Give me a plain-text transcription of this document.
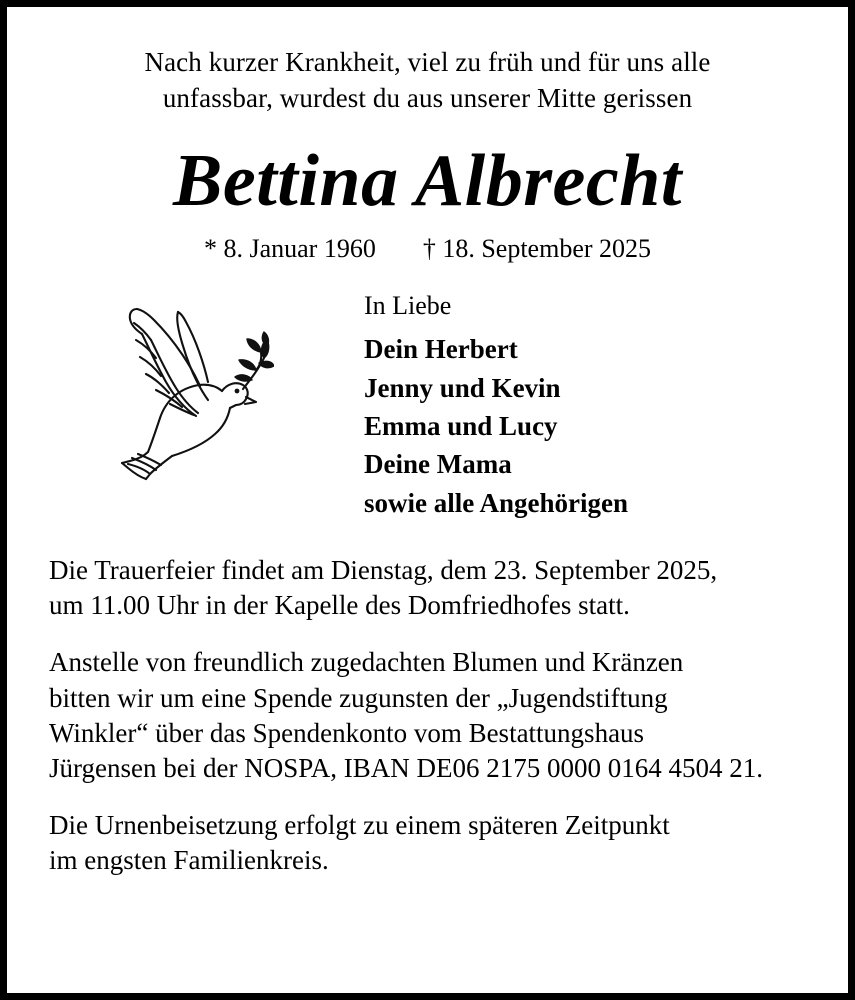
Nach kurzer Krankheit, viel zu früh und für uns alle
unfassbar, wurdest du aus unserer Mitte gerissen
Bettina Albrecht
* 8. Januar 1960 † 18. September 2025
In Liebe
Dein Herbert
Jenny und Kevin
Emma und Lucy
Deine Mama
sowie alle Angehörigen

Die Trauerfeier findet am Dienstag, dem 23. September 2025,
um 11.00 Uhr in der Kapelle des Domfriedhofes statt.

Anstelle von freundlich zugedachten Blumen und Kränzen
bitten wir um eine Spende zugunsten der „Jugendstiftung
Winkler“ über das Spendenkonto vom Bestattungshaus
Jürgensen bei der NOSPA, IBAN DE06 2175 0000 0164 4504 21.

Die Urnenbeisetzung erfolgt zu einem späteren Zeitpunkt
im engsten Familienkreis.
